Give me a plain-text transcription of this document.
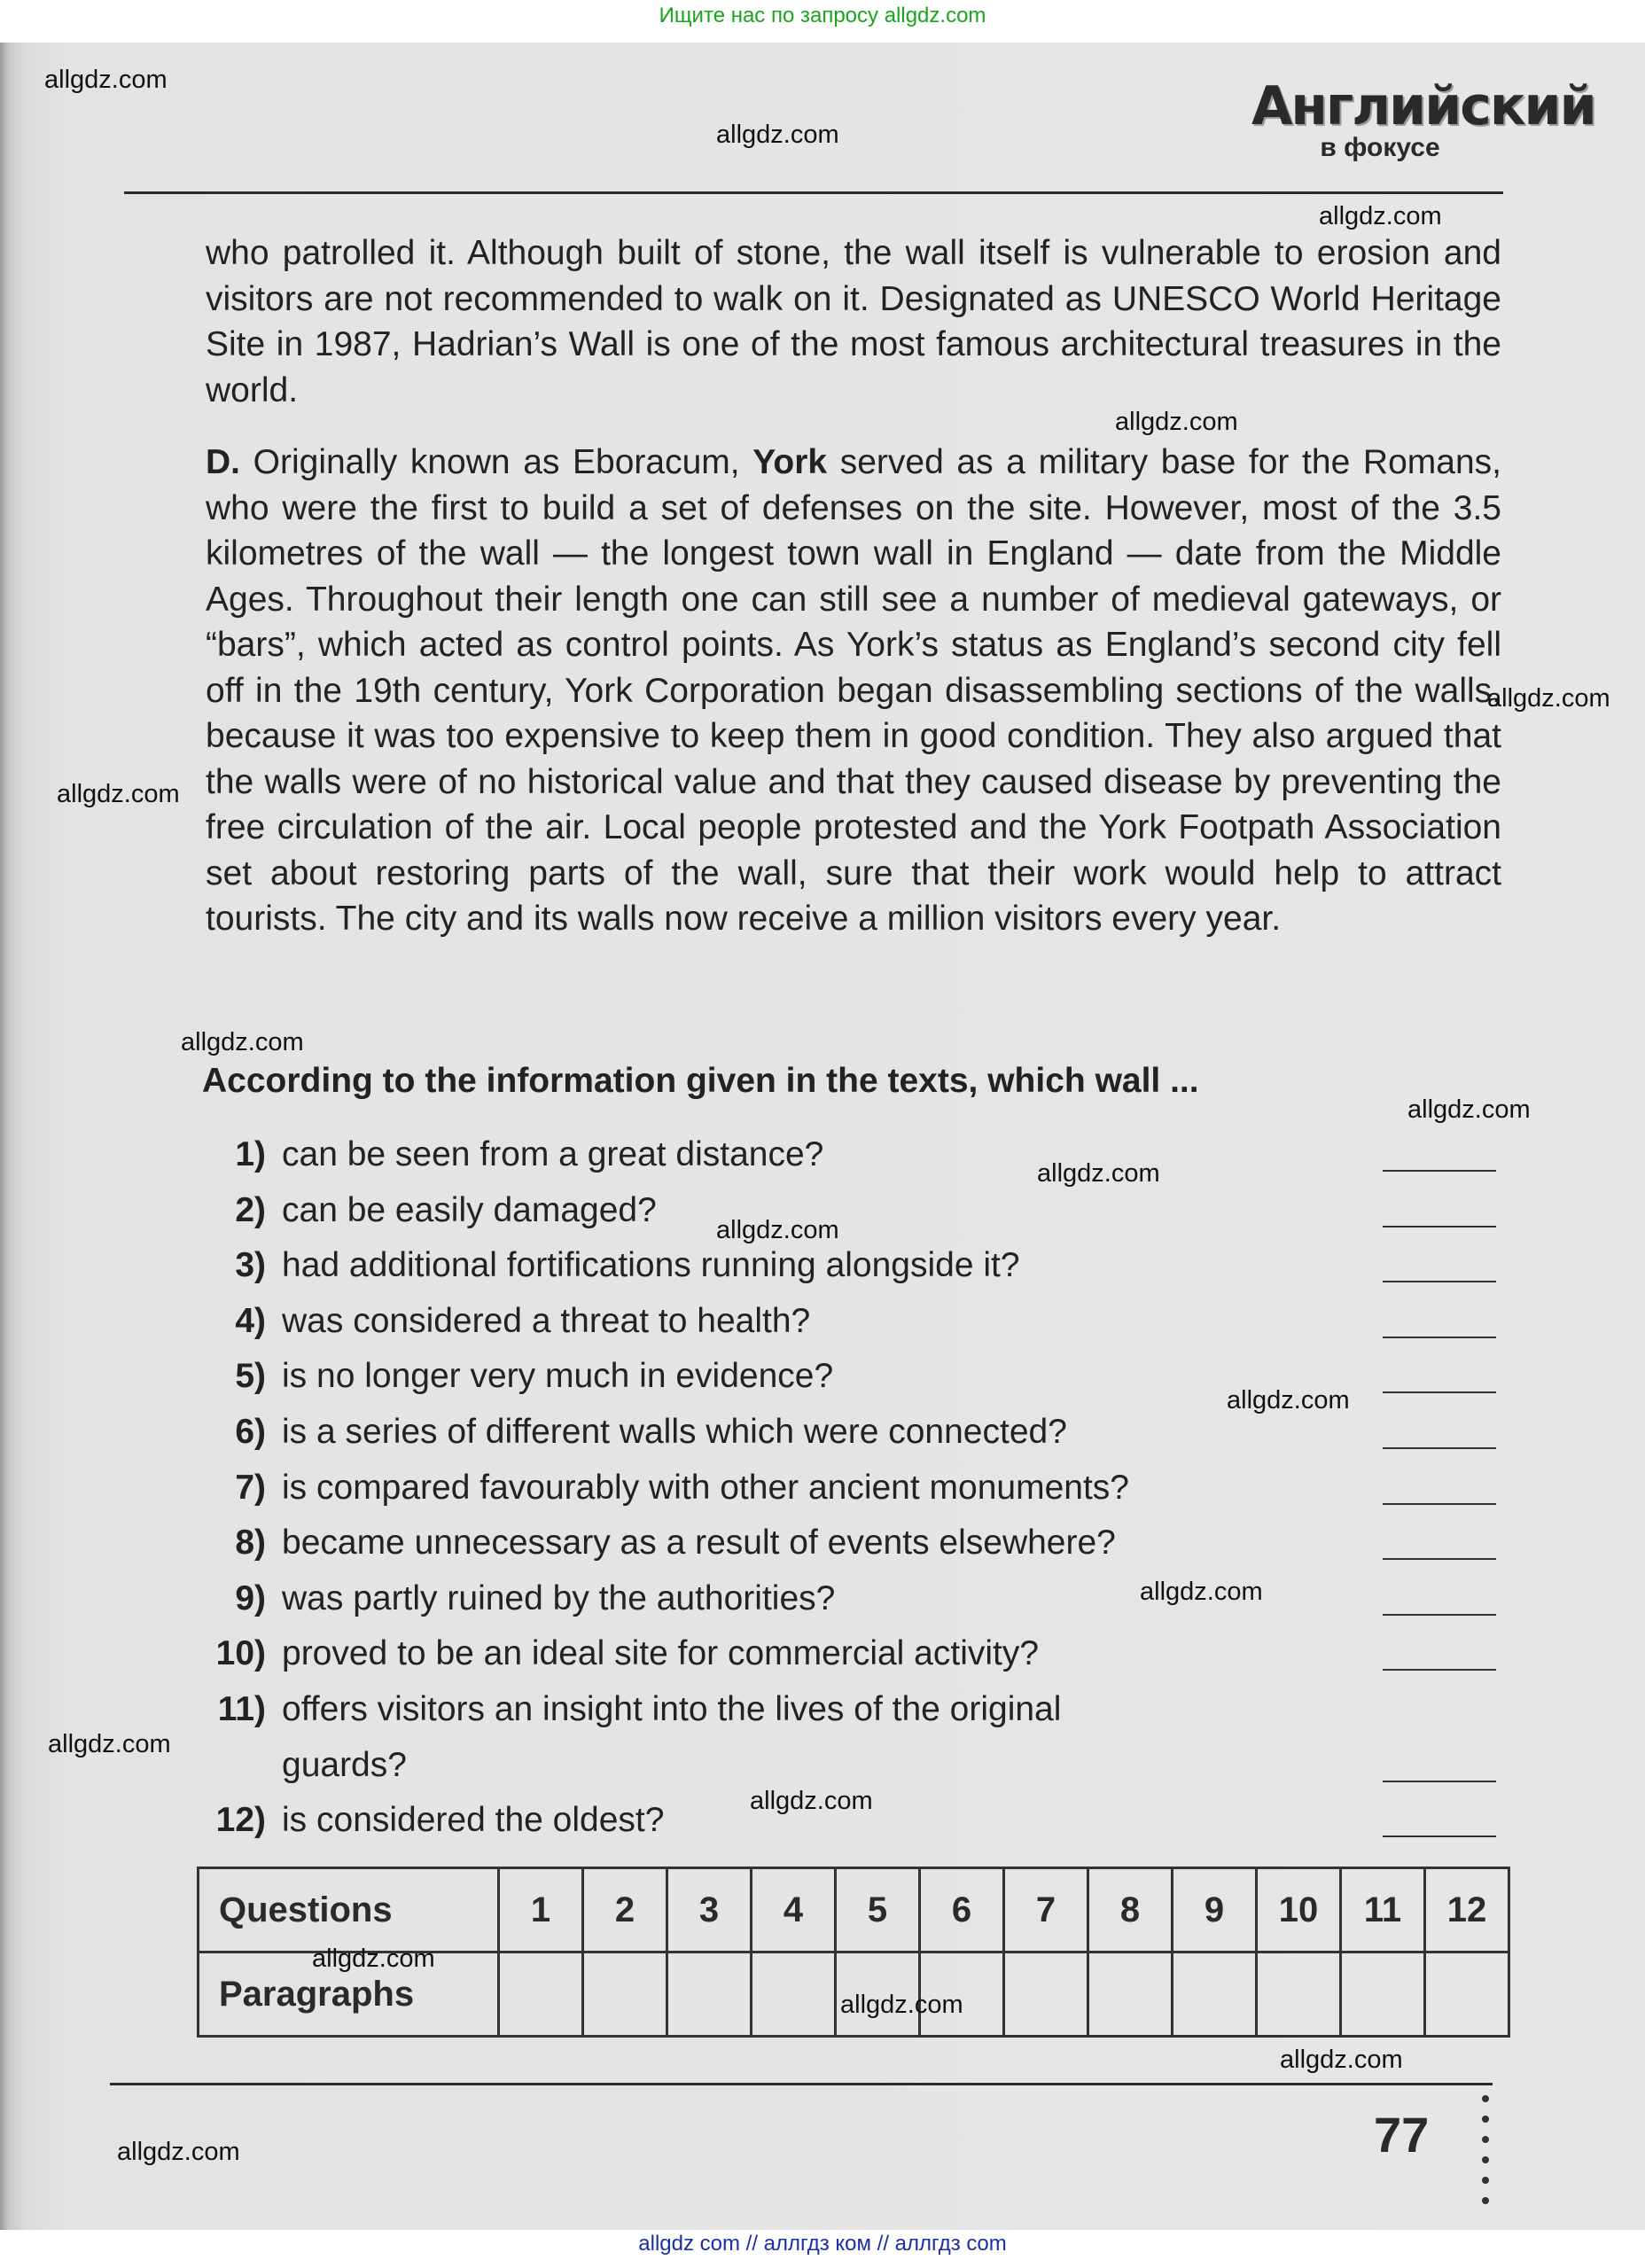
Ищите нас по запросу allgdz.com
Английский
в фокусе
who patrolled it. Although built of stone, the wall itself is vulnerable to erosion and visitors are not recommended to walk on it. Designated as UNESCO World Heritage Site in 1987, Hadrian’s Wall is one of the most famous architectural treasures in the world.
D. Originally known as Eboracum, York served as a military base for the Romans, who were the first to build a set of defenses on the site. However, most of the 3.5 kilometres of the wall — the longest town wall in England — date from the Middle Ages. Throughout their length one can still see a number of medieval gateways, or “bars”, which acted as control points. As York’s status as England’s second city fell off in the 19th century, York Corporation began disassembling sections of the walls, because it was too expensive to keep them in good condition. They also argued that the walls were of no historical value and that they caused disease by preventing the free circulation of the air. Local people protested and the York Footpath Association set about restoring parts of the wall, sure that their work would help to attract tourists. The city and its walls now receive a million visitors every year.
According to the information given in the texts, which wall ...
1) can be seen from a great distance?
2) can be easily damaged?
3) had additional fortifications running alongside it?
4) was considered a threat to health?
5) is no longer very much in evidence?
6) is a series of different walls which were connected?
7) is compared favourably with other ancient monuments?
8) became unnecessary as a result of events elsewhere?
9) was partly ruined by the authorities?
10) proved to be an ideal site for commercial activity?
11) offers visitors an insight into the lives of the original
guards?
12) is considered the oldest?
Questions	1	2	3	4	5	6	7	8	9	10	11	12
Paragraphs												
77
allgdz.com
allgdz.com
allgdz.com
allgdz.com
allgdz.com
allgdz.com
allgdz.com
allgdz.com
allgdz.com
allgdz.com
allgdz.com
allgdz.com
allgdz.com
allgdz.com
allgdz.com
allgdz.com
allgdz.com
allgdz.com
allgdz com // аллгдз ком // аллгдз com
